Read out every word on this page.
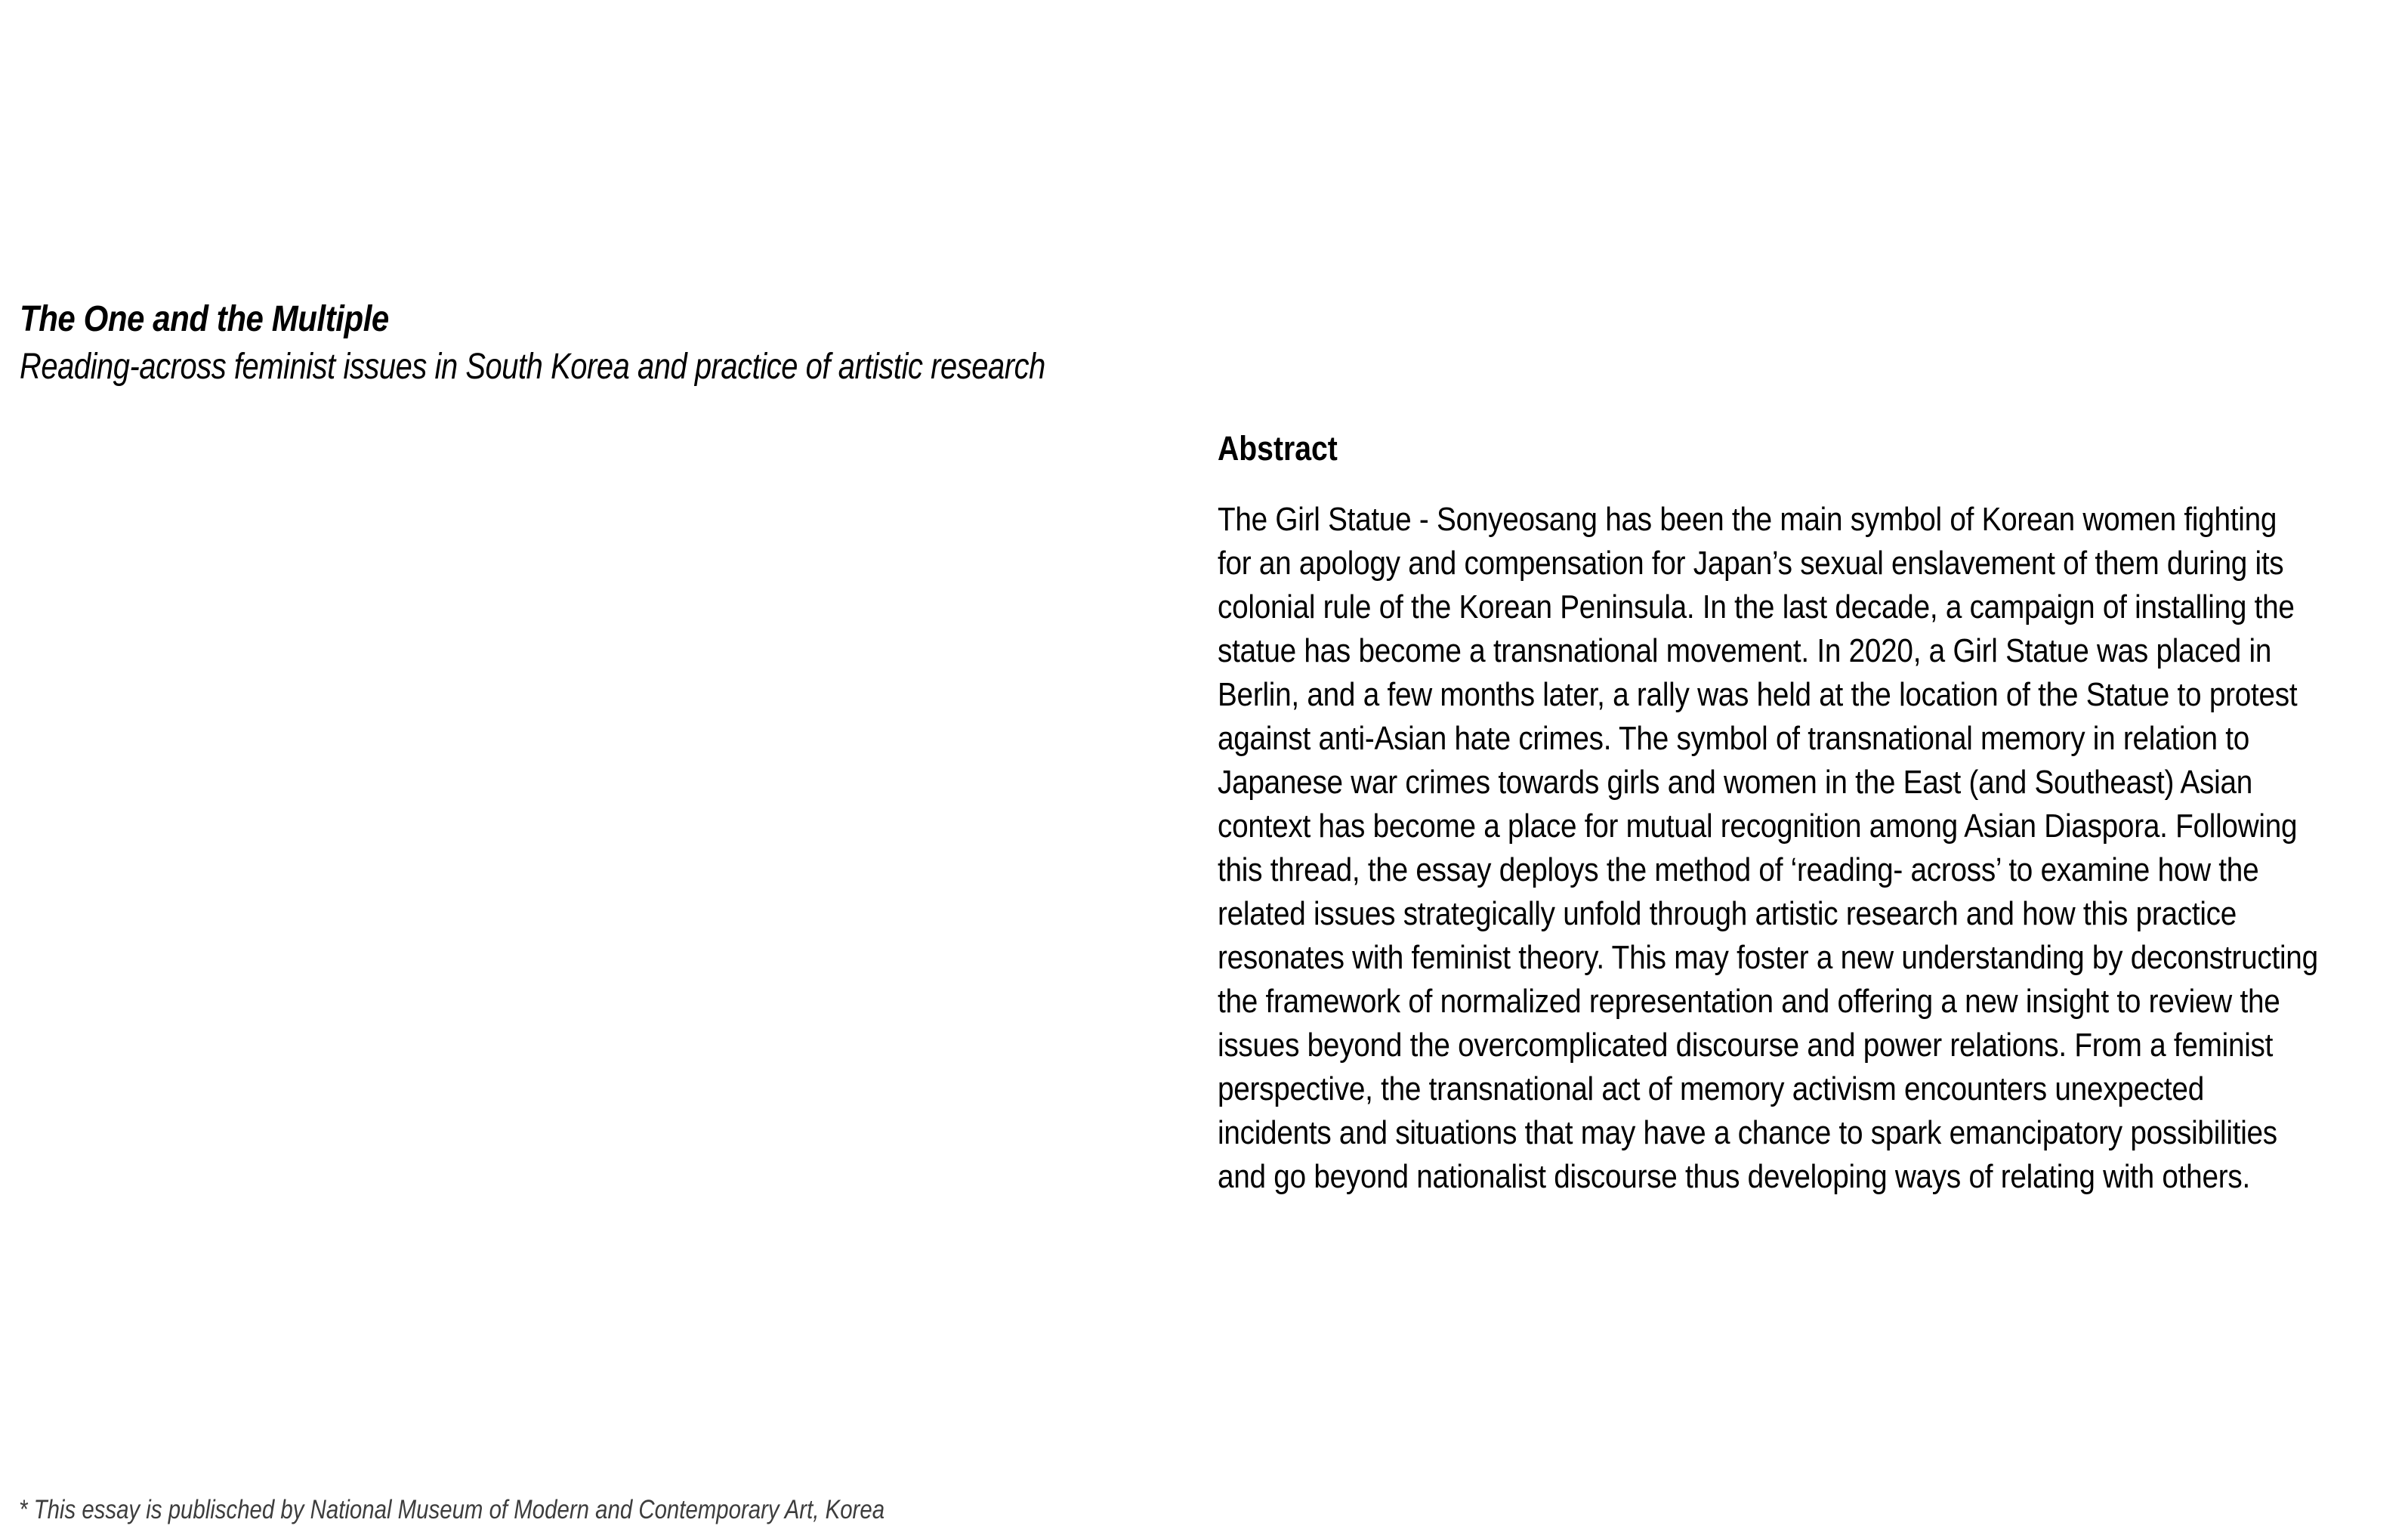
The One and the Multiple
Reading-across feminist issues in South Korea and practice of artistic research
Abstract
The Girl Statue - Sonyeosang has been the main symbol of Korean women fighting
for an apology and compensation for Japan’s sexual enslavement of them during its
colonial rule of the Korean Peninsula. In the last decade, a campaign of installing the
statue has become a transnational movement. In 2020, a Girl Statue was placed in
Berlin, and a few months later, a rally was held at the location of the Statue to protest
against anti-Asian hate crimes. The symbol of transnational memory in relation to
Japanese war crimes towards girls and women in the East (and Southeast) Asian
context has become a place for mutual recognition among Asian Diaspora. Following
this thread, the essay deploys the method of ‘reading- across’ to examine how the
related issues strategically unfold through artistic research and how this practice
resonates with feminist theory. This may foster a new understanding by deconstructing
the framework of normalized representation and offering a new insight to review the
issues beyond the overcomplicated discourse and power relations. From a feminist
perspective, the transnational act of memory activism encounters unexpected
incidents and situations that may have a chance to spark emancipatory possibilities
and go beyond nationalist discourse thus developing ways of relating with others.
* This essay is publisched by National Museum of Modern and Contemporary Art, Korea
